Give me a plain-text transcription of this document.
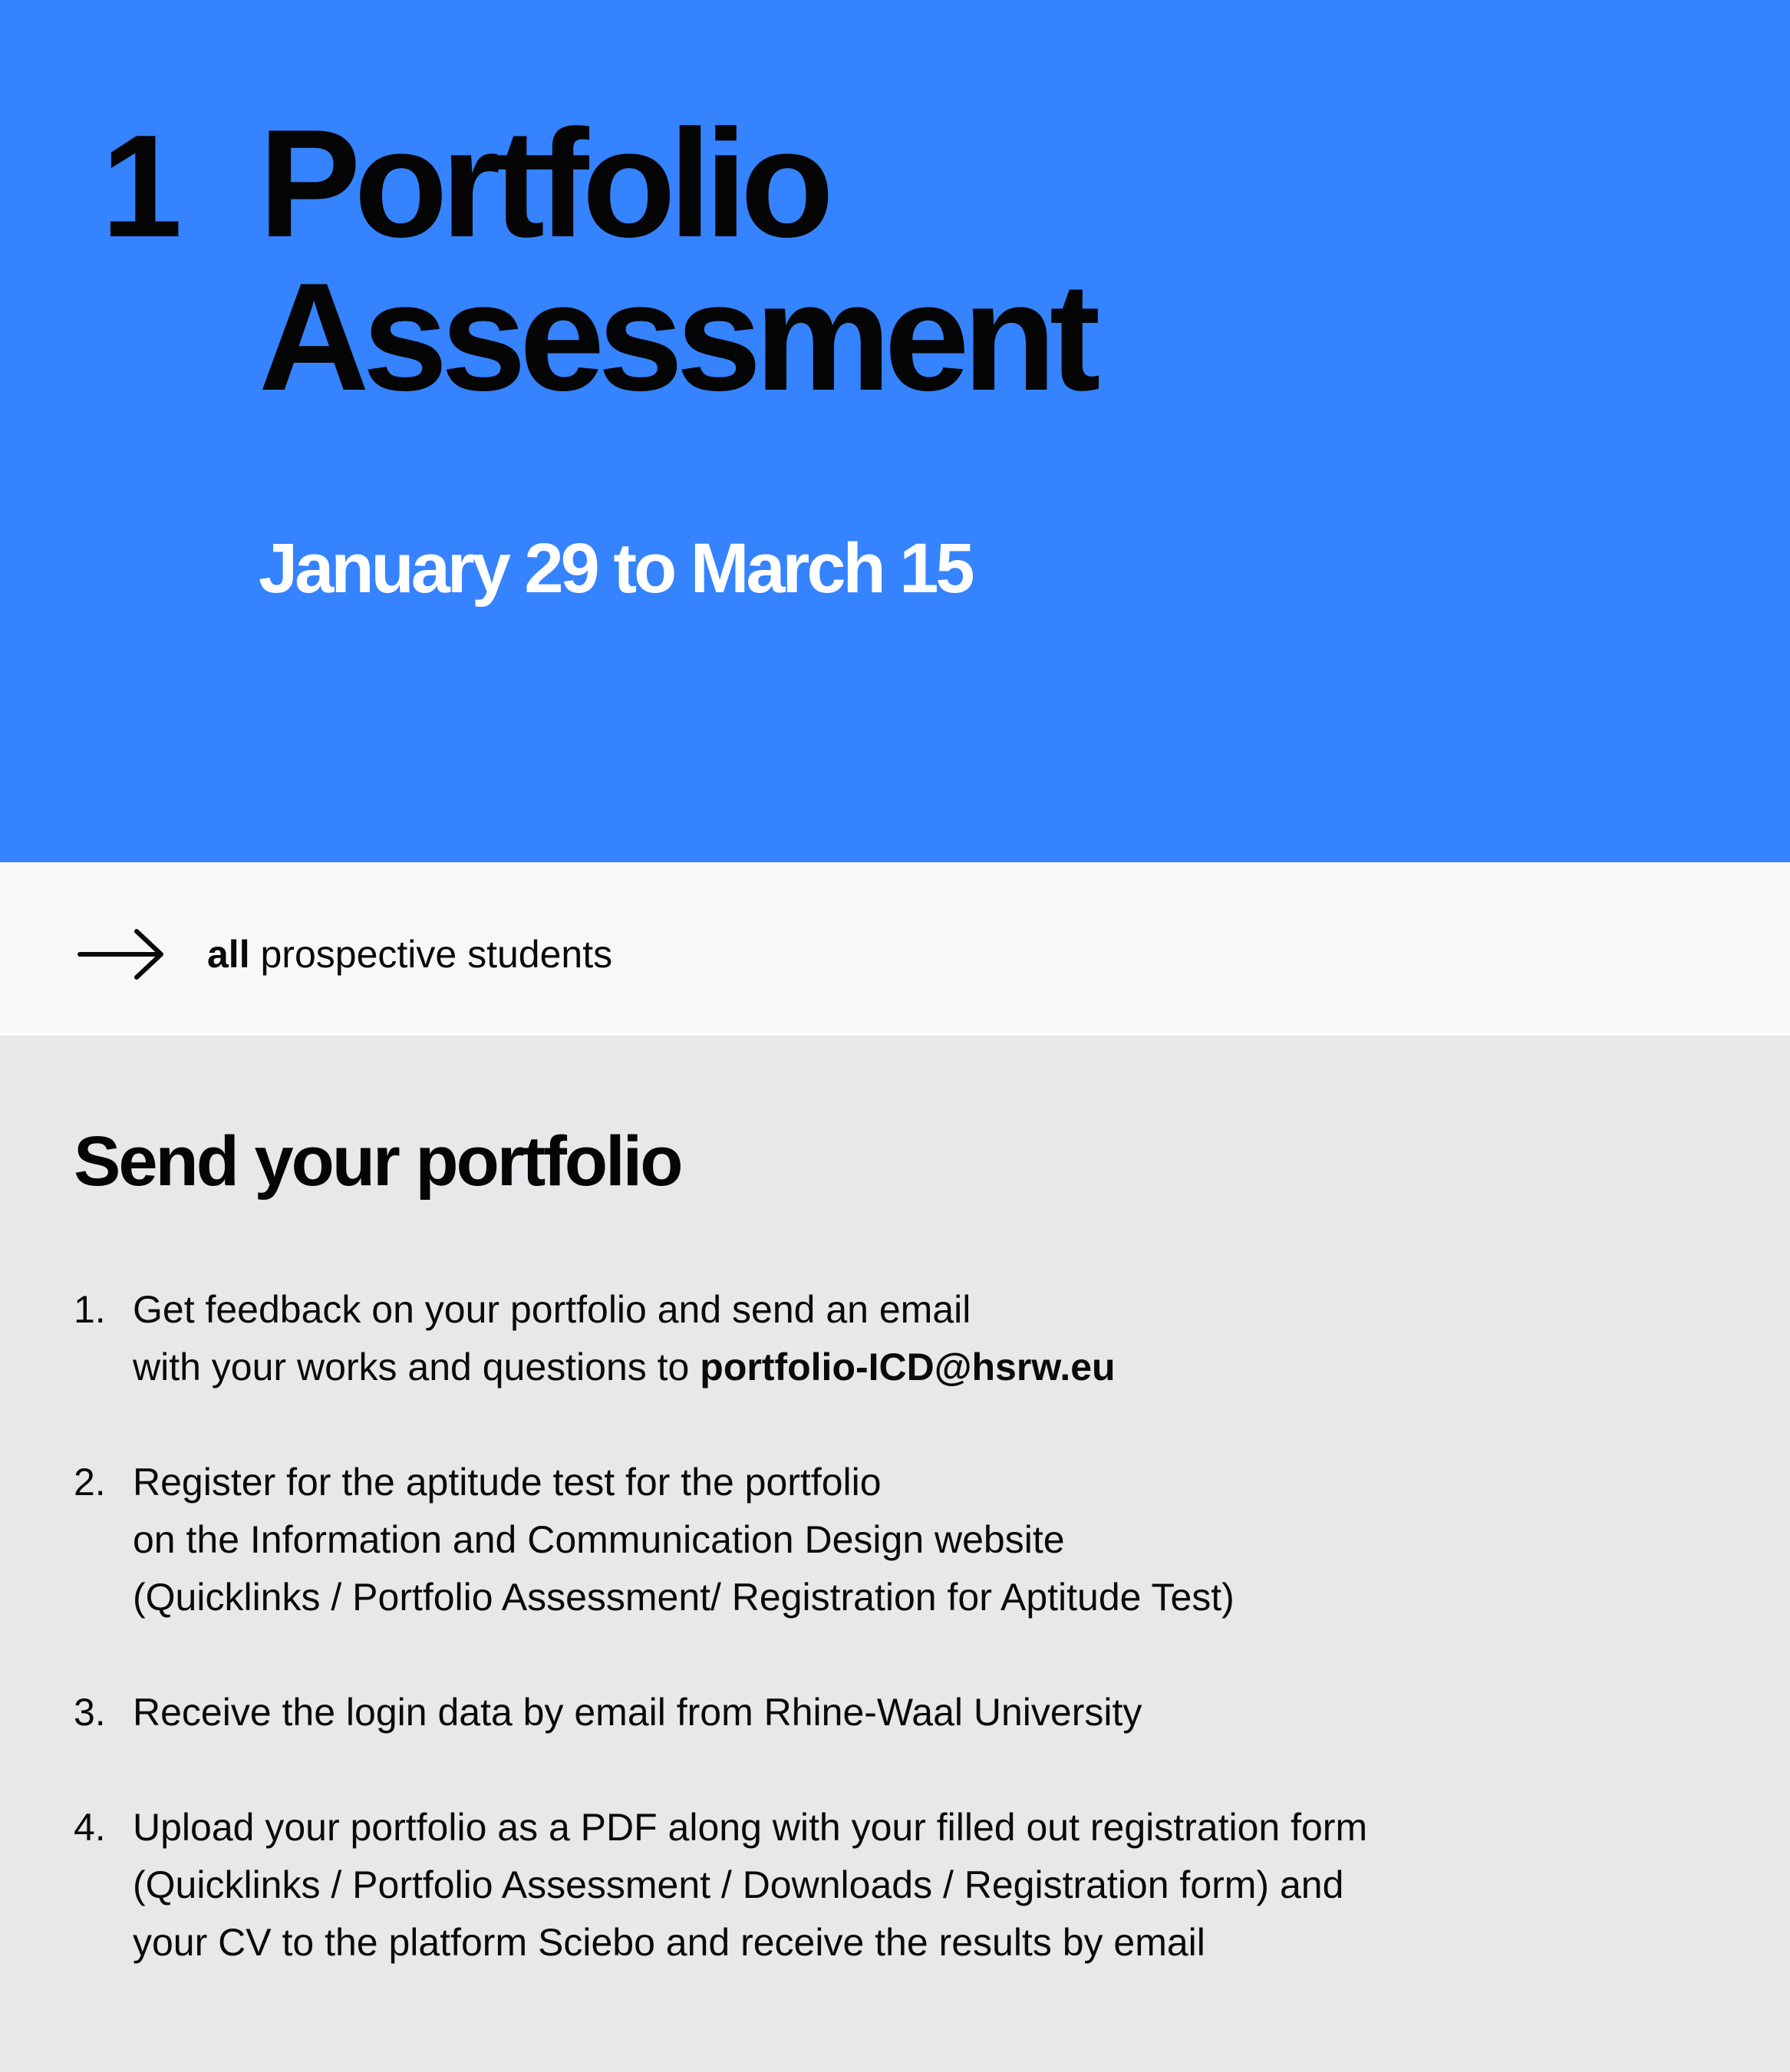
1 Portfolio
Assessment
January 29 to March 15
all prospective students
Send your portfolio
1. Get feedback on your portfolio and send an email
with your works and questions to portfolio-ICD@hsrw.eu
2. Register for the aptitude test for the portfolio
on the Information and Communication Design website
(Quicklinks / Portfolio Assessment/ Registration for Aptitude Test)
3. Receive the login data by email from Rhine-Waal University
4. Upload your portfolio as a PDF along with your filled out registration form
(Quicklinks / Portfolio Assessment / Downloads / Registration form) and
your CV to the platform Sciebo and receive the results by email
